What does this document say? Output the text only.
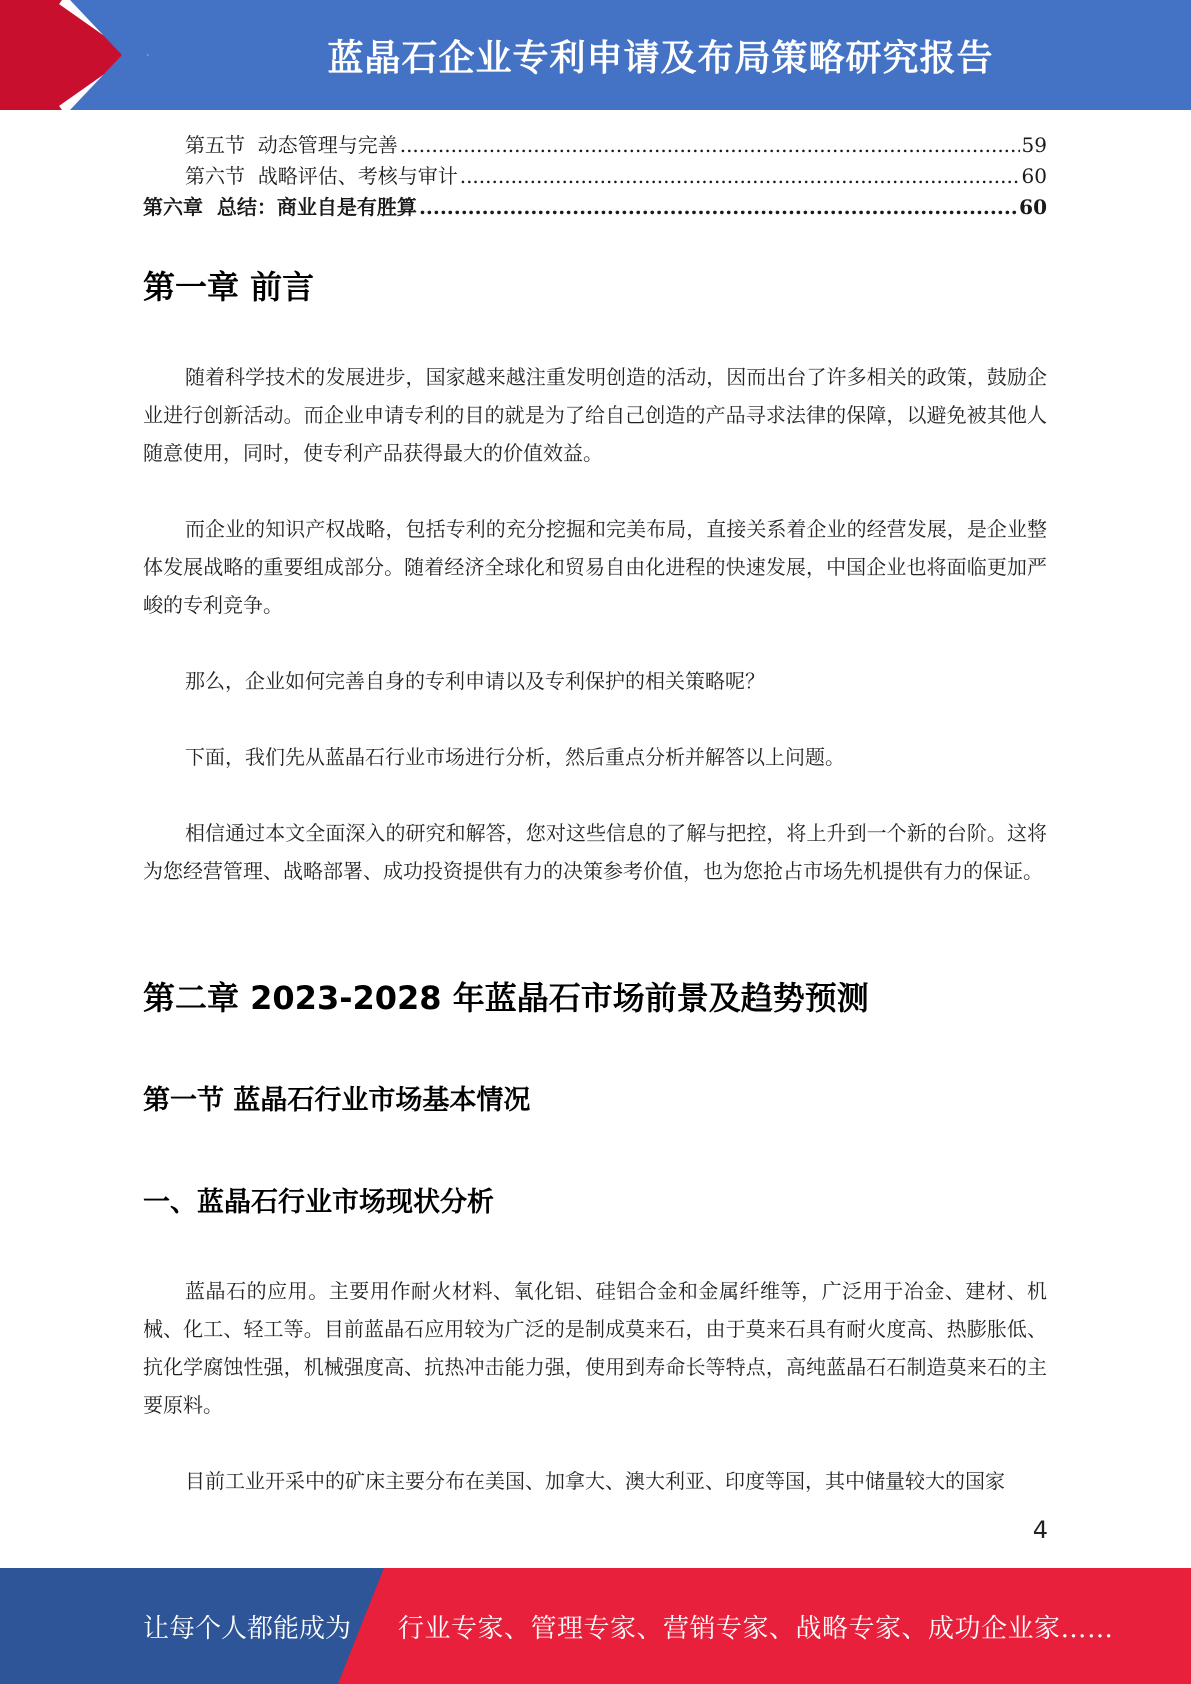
蓝晶石企业专利申请及布局策略研究报告
第五节  动态管理与完善 .....	59
第六节  战略评估、考核与审计 .....	60
第六章  总结：商业自是有胜算 .....	60
第一章 前言

随着科学技术的发展进步，国家越来越注重发明创造的活动，因而出台了许多相关的政策，鼓励企业进行创新活动。而企业申请专利的目的就是为了给自己创造的产品寻求法律的保障，以避免被其他人随意使用，同时，使专利产品获得最大的价值效益。

而企业的知识产权战略，包括专利的充分挖掘和完美布局，直接关系着企业的经营发展，是企业整体发展战略的重要组成部分。随着经济全球化和贸易自由化进程的快速发展，中国企业也将面临更加严峻的专利竞争。

那么，企业如何完善自身的专利申请以及专利保护的相关策略呢？

下面，我们先从蓝晶石行业市场进行分析，然后重点分析并解答以上问题。

相信通过本文全面深入的研究和解答，您对这些信息的了解与把控，将上升到一个新的台阶。这将为您经营管理、战略部署、成功投资提供有力的决策参考价值，也为您抢占市场先机提供有力的保证。

第二章 2023-2028 年蓝晶石市场前景及趋势预测
第一节 蓝晶石行业市场基本情况
一、蓝晶石行业市场现状分析

蓝晶石的应用。主要用作耐火材料、氧化铝、硅铝合金和金属纤维等，广泛用于冶金、建材、机械、化工、轻工等。目前蓝晶石应用较为广泛的是制成莫来石，由于莫来石具有耐火度高、热膨胀低、抗化学腐蚀性强，机械强度高、抗热冲击能力强，使用到寿命长等特点，高纯蓝晶石石制造莫来石的主要原料。

目前工业开采中的矿床主要分布在美国、加拿大、澳大利亚、印度等国，其中储量较大的国家

4
让每个人都能成为 行业专家、管理专家、营销专家、战略专家、成功企业家……
